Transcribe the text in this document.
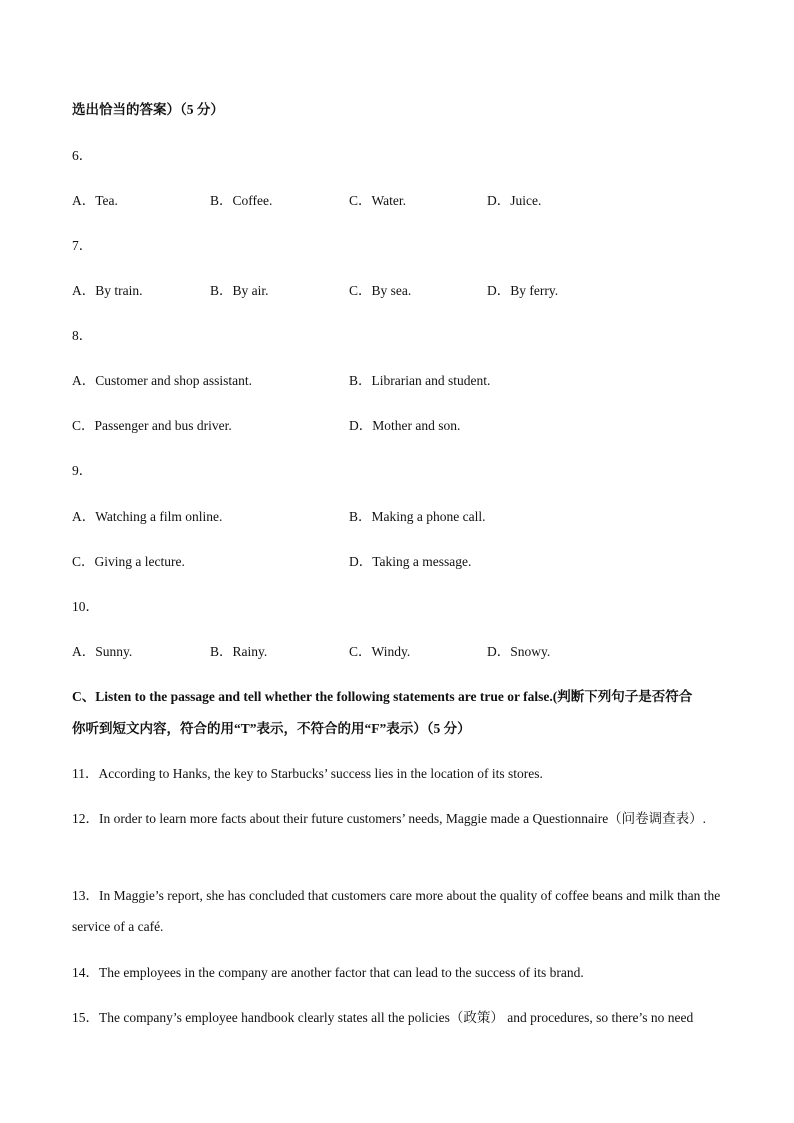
选出恰当的答案）（5 分）
6．
A．Tea.	B．Coffee.	C．Water.	D．Juice.
7．
A．By train.	B．By air.	C．By sea.	D．By ferry.
8．
A．Customer and shop assistant.	B．Librarian and student.
C．Passenger and bus driver.	D．Mother and son.
9．
A．Watching a film online.	B．Making a phone call.
C．Giving a lecture.	D．Taking a message.
10．
A．Sunny.	B．Rainy.	C．Windy.	D．Snowy.
C、Listen to the passage and tell whether the following statements are true or false.(判断下列句子是否符合
你听到短文内容，符合的用“T”表示，不符合的用“F”表示）（5 分）
11．According to Hanks, the key to Starbucks’ success lies in the location of its stores.
12．In order to learn more facts about their future customers’ needs, Maggie made a Questionnaire（问卷调查表）.
13．In Maggie’s report, she has concluded that customers care more about the quality of coffee beans and milk than the service of a café.
14．The employees in the company are another factor that can lead to the success of its brand.
15．The company’s employee handbook clearly states all the policies（政策） and procedures, so there’s no need
